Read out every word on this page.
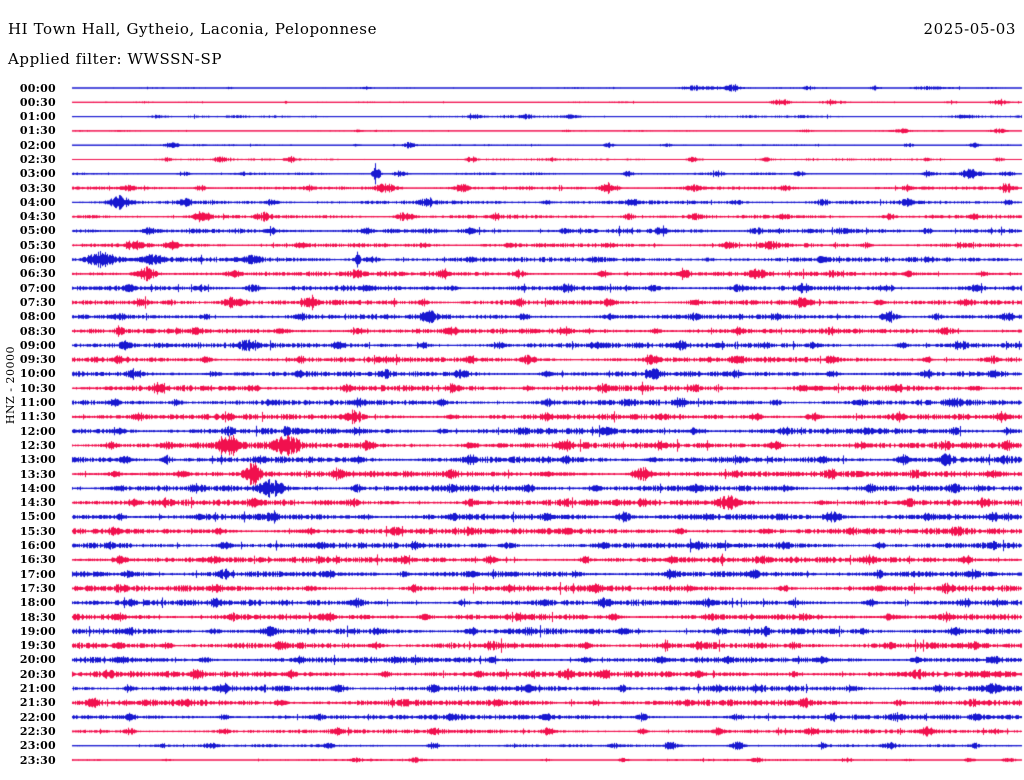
HI Town Hall, Gytheio, Laconia, Peloponnese	2025-05-03
Applied filter: WWSSN-SP
HNZ - 20000
00:00
00:30
01:00
01:30
02:00
02:30
03:00
03:30
04:00
04:30
05:00
05:30
06:00
06:30
07:00
07:30
08:00
08:30
09:00
09:30
10:00
10:30
11:00
11:30
12:00
12:30
13:00
13:30
14:00
14:30
15:00
15:30
16:00
16:30
17:00
17:30
18:00
18:30
19:00
19:30
20:00
20:30
21:00
21:30
22:00
22:30
23:00
23:30
